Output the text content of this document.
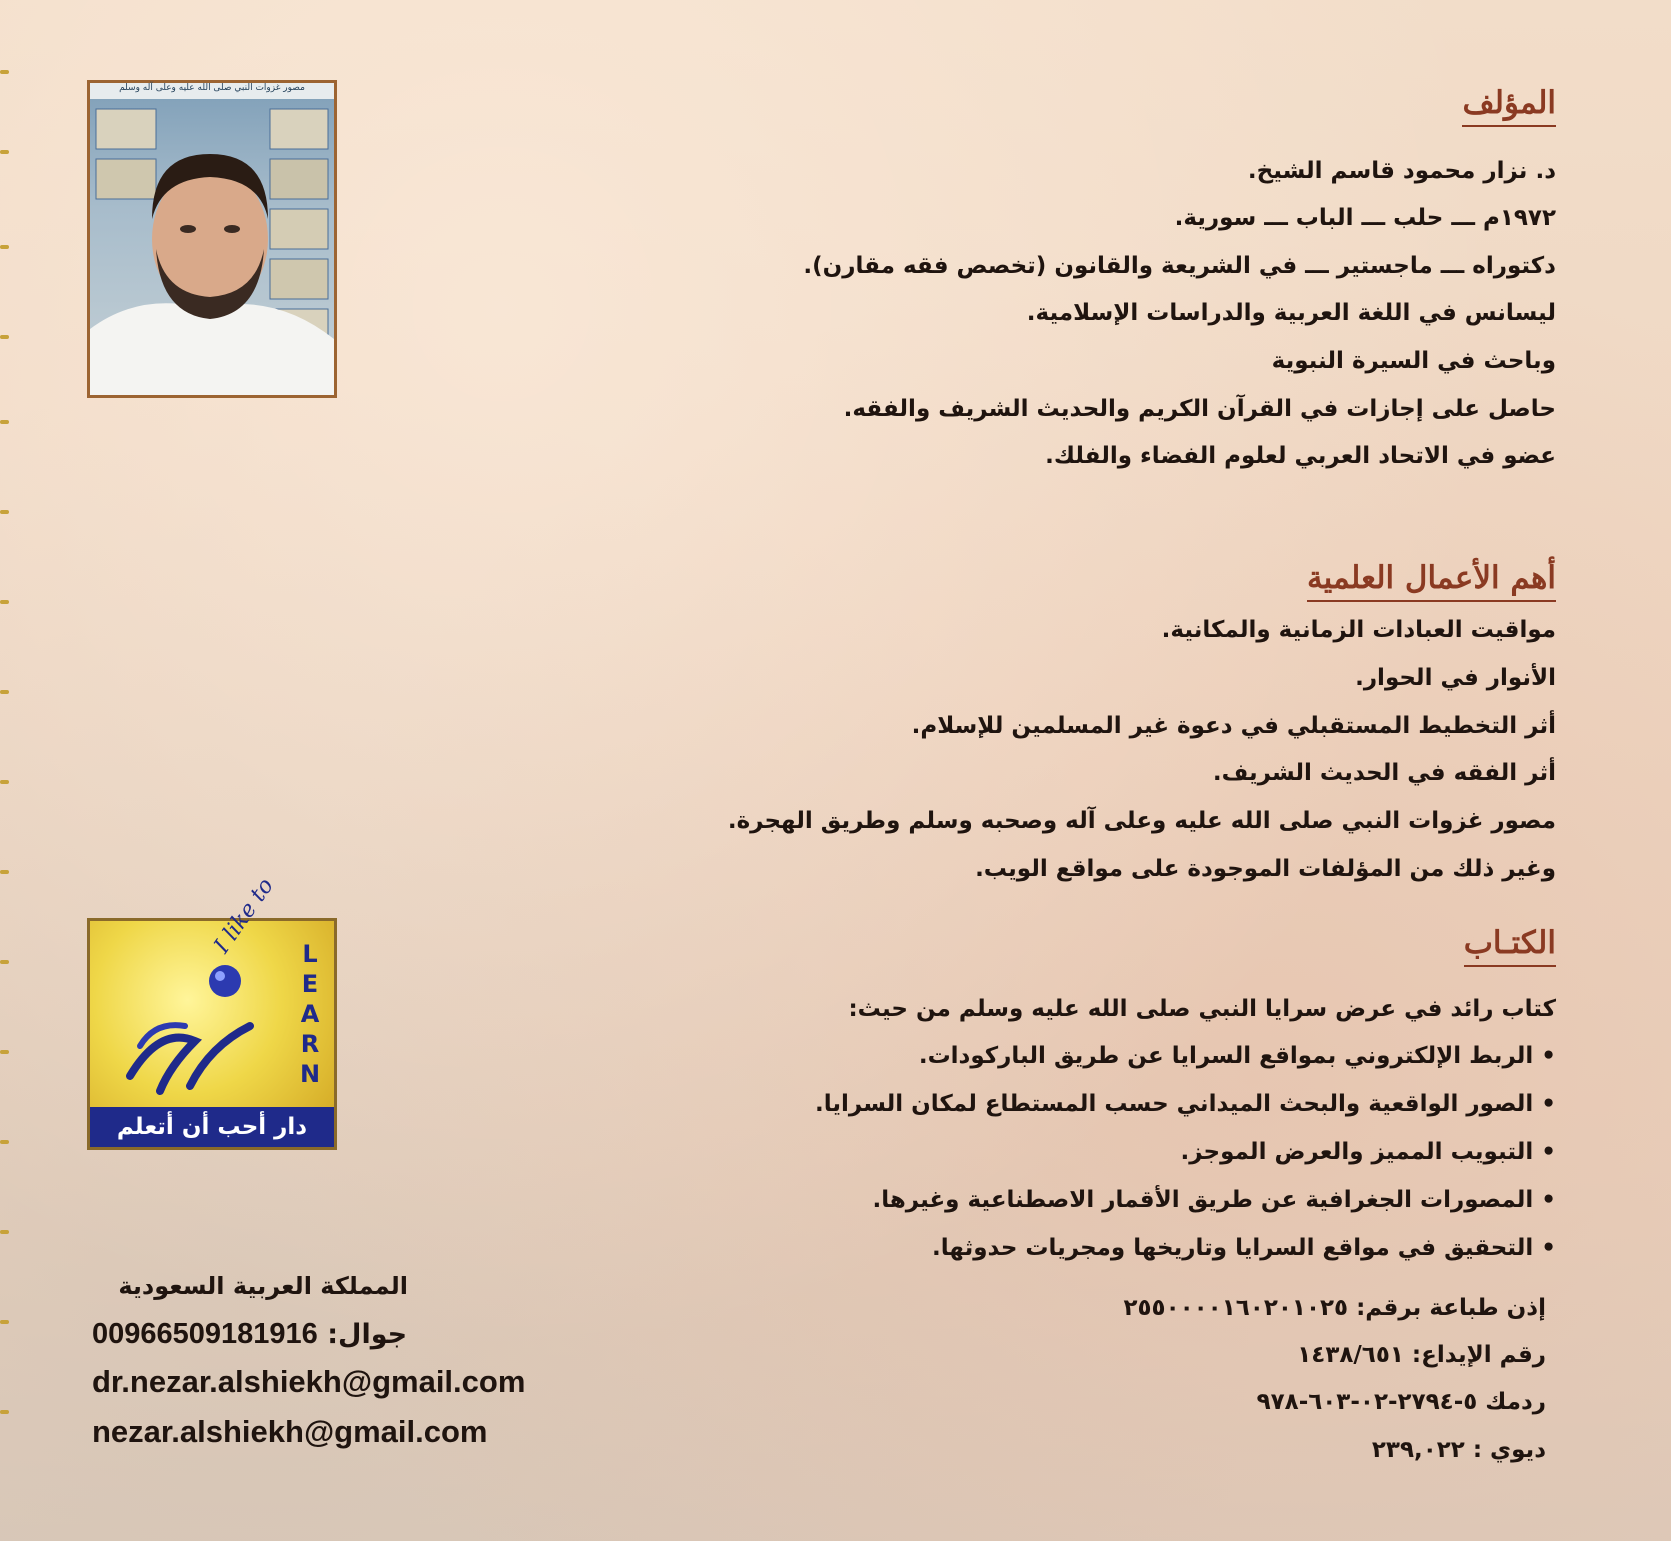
مصور غزوات النبي صلى الله عليه وعلى آله وسلم	المؤلف
د. نزار محمود قاسم الشيخ.
١٩٧٢م ـــ حلب ـــ الباب ـــ سورية.
دكتوراه ـــ ماجستير ـــ في الشريعة والقانون (تخصص فقه مقارن).
ليسانس في اللغة العربية والدراسات الإسلامية.
وباحث في السيرة النبوية
حاصل على إجازات في القرآن الكريم والحديث الشريف والفقه.
عضو في الاتحاد العربي لعلوم الفضاء والفلك.
أهم الأعمال العلمية
مواقيت العبادات الزمانية والمكانية.
الأنوار في الحوار.
أثر التخطيط المستقبلي في دعوة غير المسلمين للإسلام.
أثر الفقه في الحديث الشريف.
مصور غزوات النبي صلى الله عليه وعلى آله وصحبه وسلم وطريق الهجرة.
وغير ذلك من المؤلفات الموجودة على مواقع الويب.
الكتـاب
كتاب رائد في عرض سرايا النبي صلى الله عليه وسلم من حيث:
• الربط الإلكتروني بمواقع السرايا عن طريق الباركودات.
• الصور الواقعية والبحث الميداني حسب المستطاع لمكان السرايا.
• التبويب المميز والعرض الموجز.
• المصورات الجغرافية عن طريق الأقمار الاصطناعية وغيرها.
• التحقيق في مواقع السرايا وتاريخها ومجريات حدوثها.
إذن طباعة برقم: ٢٥٥٠٠٠٠١٦٠٢٠١٠٢٥
رقم الإيداع: ١٤٣٨/٦٥١
ردمك ٥-٢٧٩٤-٠٢-٦٠٣-٩٧٨
ديوي : ٢٣٩,٠٢٢
I like to L
E
A
R
N
دار أحب أن أتعلم
المملكة العربية السعودية
جوال: 00966509181916
dr.nezar.alshiekh@gmail.com
nezar.alshiekh@gmail.com
